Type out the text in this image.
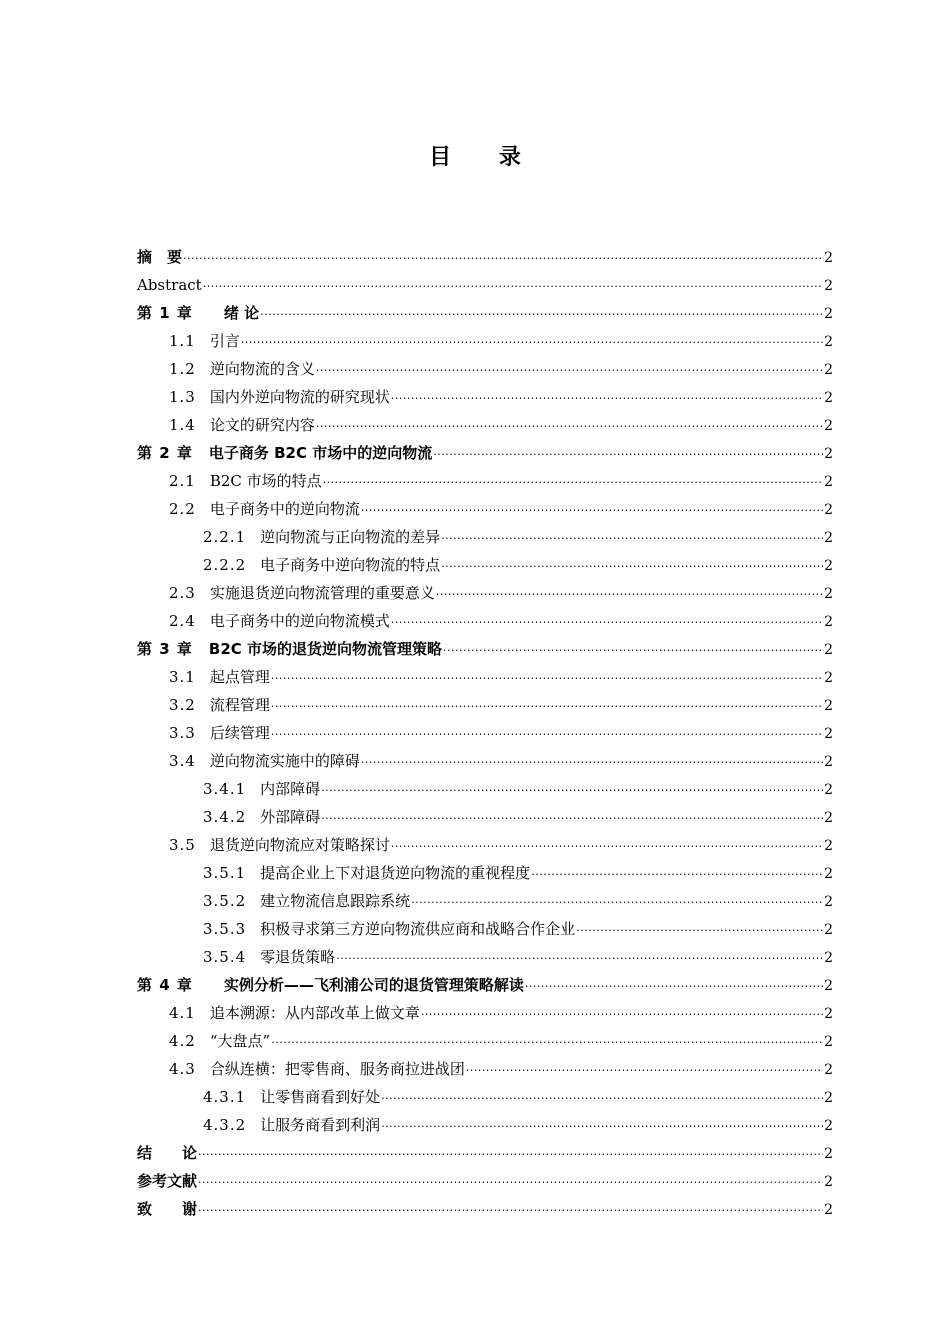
目 录
摘　要 ·····	2
Abstract ·····	2
第 1 章 　绪 论 ·····	2
1.1 引言 ·····	2
1.2 逆向物流的含义 ·····	2
1.3 国内外逆向物流的研究现状 ·····	2
1.4 论文的研究内容 ·····	2
第 2 章 电子商务 B2C 市场中的逆向物流 ·····	2
2.1 B2C 市场的特点 ·····	2
2.2 电子商务中的逆向物流 ·····	2
2.2.1 逆向物流与正向物流的差异 ·····	2
2.2.2 电子商务中逆向物流的特点 ·····	2
2.3 实施退货逆向物流管理的重要意义 ·····	2
2.4 电子商务中的逆向物流模式 ·····	2
第 3 章 B2C 市场的退货逆向物流管理策略 ·····	2
3.1 起点管理 ·····	2
3.2 流程管理 ·····	2
3.3 后续管理 ·····	2
3.4 逆向物流实施中的障碍 ·····	2
3.4.1 内部障碍 ·····	2
3.4.2 外部障碍 ·····	2
3.5 退货逆向物流应对策略探讨 ·····	2
3.5.1 提高企业上下对退货逆向物流的重视程度 ·····	2
3.5.2 建立物流信息跟踪系统 ·····	2
3.5.3 积极寻求第三方逆向物流供应商和战略合作企业 ·····	2
3.5.4 零退货策略 ·····	2
第 4 章 　实例分析——飞利浦公司的退货管理策略解读 ·····	2
4.1 追本溯源：从内部改革上做文章 ·····	2
4.2 “大盘点” ·····	2
4.3 合纵连横：把零售商、服务商拉进战团 ·····	2
4.3.1 让零售商看到好处 ·····	2
4.3.2 让服务商看到利润 ·····	2
结　　论 ·····	2
参考文献 ·····	2
致　　谢 ·····	2
